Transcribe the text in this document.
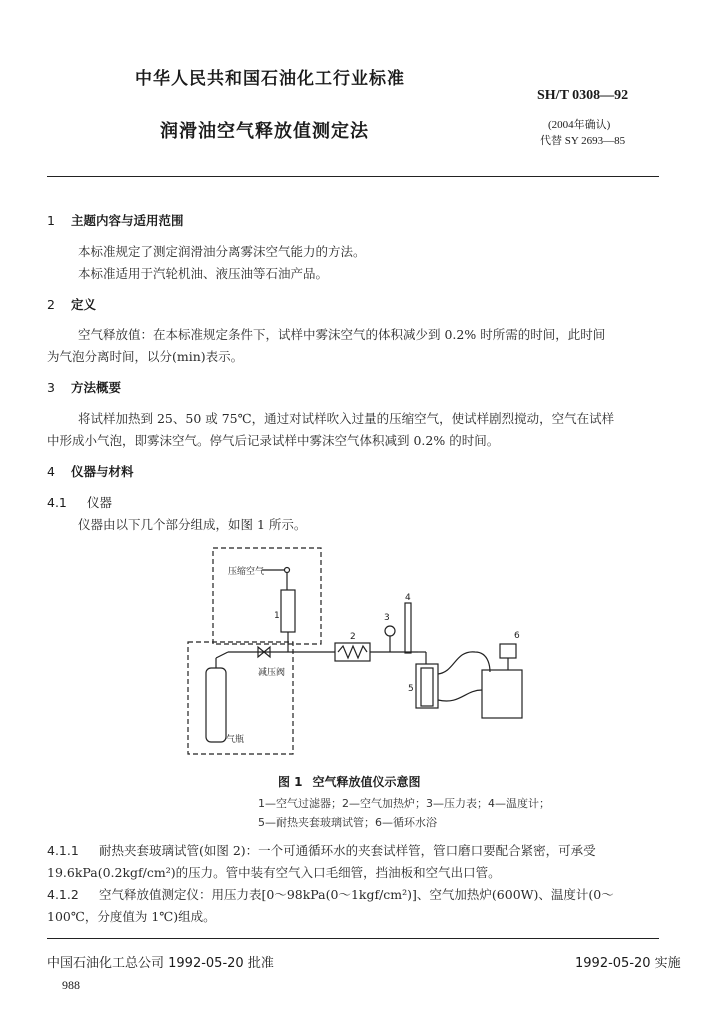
中华人民共和国石油化工行业标准
SH/T 0308—92
润滑油空气释放值测定法	(2004年确认)
代替 SY 2693—85
1 主题内容与适用范围
本标准规定了测定润滑油分离雾沫空气能力的方法。
本标准适用于汽轮机油、液压油等石油产品。
2 定义
空气释放值：在本标准规定条件下，试样中雾沫空气的体积减少到 0.2% 时所需的时间，此时间
为气泡分离时间，以分(min)表示。
3 方法概要
将试样加热到 25、50 或 75℃，通过对试样吹入过量的压缩空气，使试样剧烈搅动，空气在试样
中形成小气泡，即雾沫空气。停气后记录试样中雾沫空气体积减到 0.2% 的时间。
4 仪器与材料
4.1 仪器
仪器由以下几个部分组成，如图 1 所示。
压缩空气
减压阀
气瓶
1
2
3
4
5
6
图 1 空气释放值仪示意图
1—空气过滤器；2—空气加热炉；3—压力表；4—温度计；
5—耐热夹套玻璃试管；6—循环水浴
4.1.1 耐热夹套玻璃试管(如图 2)：一个可通循环水的夹套试样管，管口磨口要配合紧密，可承受
19.6kPa(0.2kgf/cm²)的压力。管中装有空气入口毛细管，挡油板和空气出口管。
4.1.2 空气释放值测定仪：用压力表[0～98kPa(0～1kgf/cm²)]、空气加热炉(600W)、温度计(0～
100℃，分度值为 1℃)组成。
中国石油化工总公司 1992-05-20 批准	1992-05-20 实施
988
